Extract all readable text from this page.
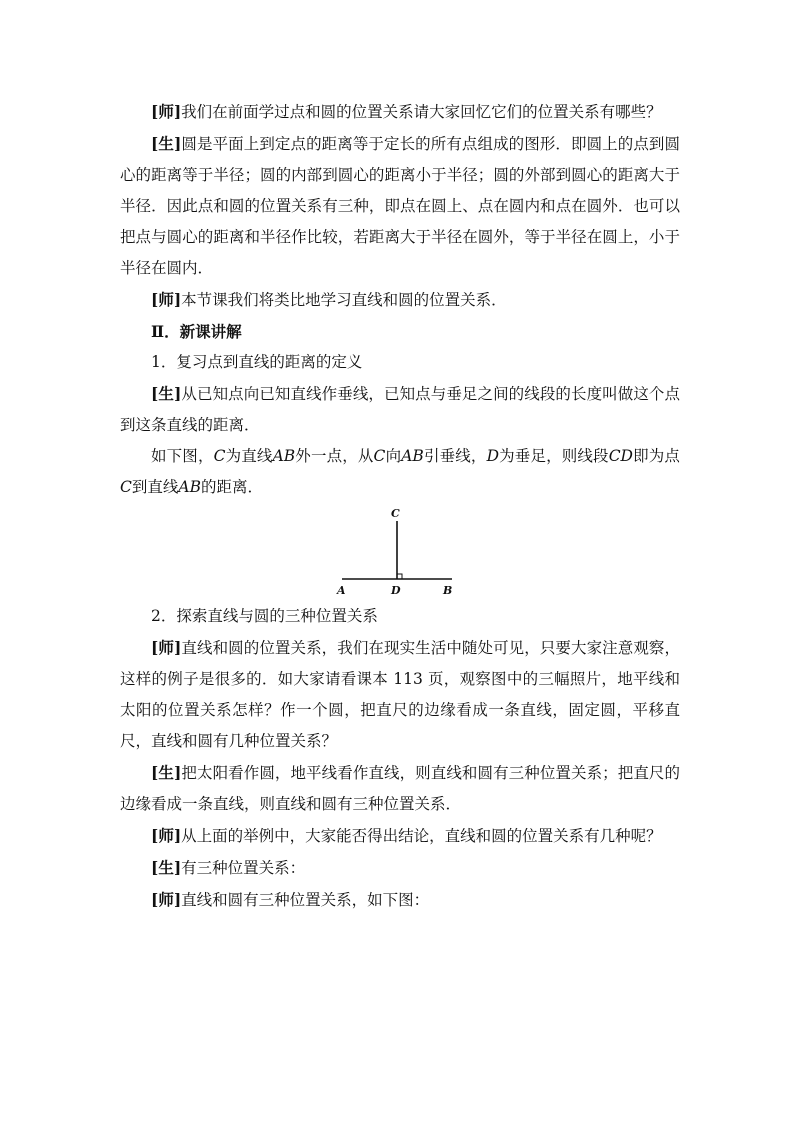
[师]我们在前面学过点和圆的位置关系请大家回忆它们的位置关系有哪些？

[生]圆是平面上到定点的距离等于定长的所有点组成的图形．即圆上的点到圆心的距离等于半径；圆的内部到圆心的距离小于半径；圆的外部到圆心的距离大于半径．因此点和圆的位置关系有三种，即点在圆上、点在圆内和点在圆外．也可以把点与圆心的距离和半径作比较，若距离大于半径在圆外，等于半径在圆上，小于半径在圆内．

[师]本节课我们将类比地学习直线和圆的位置关系．

Ⅱ．新课讲解

1．复习点到直线的距离的定义

[生]从已知点向已知直线作垂线，已知点与垂足之间的线段的长度叫做这个点到这条直线的距离．

如下图，C为直线AB外一点，从C向AB引垂线，D为垂足，则线段CD即为点C到直线AB的距离．

C
A	D	B

2．探索直线与圆的三种位置关系

[师]直线和圆的位置关系，我们在现实生活中随处可见，只要大家注意观察，这样的例子是很多的．如大家请看课本 113 页，观察图中的三幅照片，地平线和太阳的位置关系怎样？作一个圆，把直尺的边缘看成一条直线，固定圆，平移直尺，直线和圆有几种位置关系？

[生]把太阳看作圆，地平线看作直线，则直线和圆有三种位置关系；把直尺的边缘看成一条直线，则直线和圆有三种位置关系．

[师]从上面的举例中，大家能否得出结论，直线和圆的位置关系有几种呢？

[生]有三种位置关系：

[师]直线和圆有三种位置关系，如下图：
